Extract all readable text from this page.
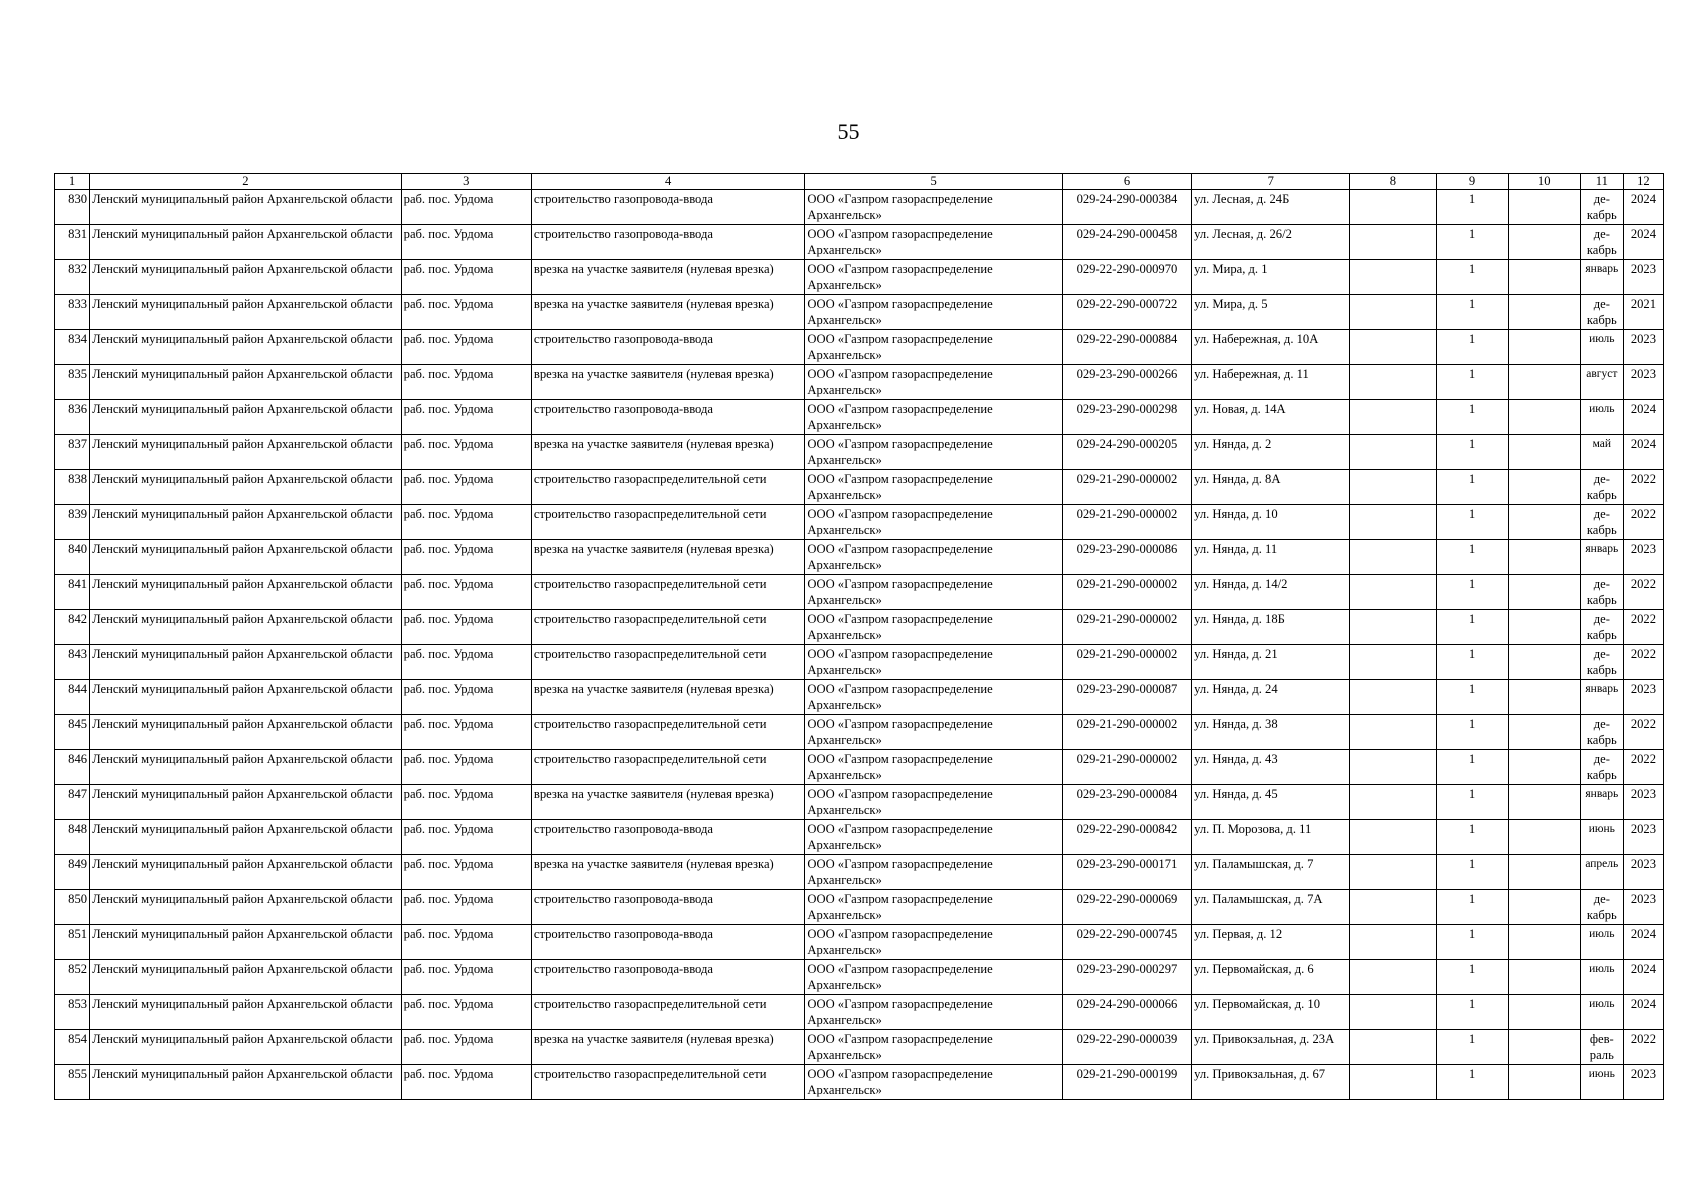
55
1	2	3	4	5	6	7	8	9	10	11	12
830	Ленский муниципальный район Архангельской области	раб. пос. Урдома	строительство газопровода-ввода	ООО «Газпром газораспределение Архангельск»	029-24-290-000384	ул. Лесная, д. 24Б		1		де-кабрь	2024
831	Ленский муниципальный район Архангельской области	раб. пос. Урдома	строительство газопровода-ввода	ООО «Газпром газораспределение Архангельск»	029-24-290-000458	ул. Лесная, д. 26/2		1		де-кабрь	2024
832	Ленский муниципальный район Архангельской области	раб. пос. Урдома	врезка на участке заявителя (нулевая врезка)	ООО «Газпром газораспределение Архангельск»	029-22-290-000970	ул. Мира, д. 1		1		январь	2023
833	Ленский муниципальный район Архангельской области	раб. пос. Урдома	врезка на участке заявителя (нулевая врезка)	ООО «Газпром газораспределение Архангельск»	029-22-290-000722	ул. Мира, д. 5		1		де-кабрь	2021
834	Ленский муниципальный район Архангельской области	раб. пос. Урдома	строительство газопровода-ввода	ООО «Газпром газораспределение Архангельск»	029-22-290-000884	ул. Набережная, д. 10А		1		июль	2023
835	Ленский муниципальный район Архангельской области	раб. пос. Урдома	врезка на участке заявителя (нулевая врезка)	ООО «Газпром газораспределение Архангельск»	029-23-290-000266	ул. Набережная, д. 11		1		август	2023
836	Ленский муниципальный район Архангельской области	раб. пос. Урдома	строительство газопровода-ввода	ООО «Газпром газораспределение Архангельск»	029-23-290-000298	ул. Новая, д. 14А		1		июль	2024
837	Ленский муниципальный район Архангельской области	раб. пос. Урдома	врезка на участке заявителя (нулевая врезка)	ООО «Газпром газораспределение Архангельск»	029-24-290-000205	ул. Нянда, д. 2		1		май	2024
838	Ленский муниципальный район Архангельской области	раб. пос. Урдома	строительство газораспределительной сети	ООО «Газпром газораспределение Архангельск»	029-21-290-000002	ул. Нянда, д. 8А		1		де-кабрь	2022
839	Ленский муниципальный район Архангельской области	раб. пос. Урдома	строительство газораспределительной сети	ООО «Газпром газораспределение Архангельск»	029-21-290-000002	ул. Нянда, д. 10		1		де-кабрь	2022
840	Ленский муниципальный район Архангельской области	раб. пос. Урдома	врезка на участке заявителя (нулевая врезка)	ООО «Газпром газораспределение Архангельск»	029-23-290-000086	ул. Нянда, д. 11		1		январь	2023
841	Ленский муниципальный район Архангельской области	раб. пос. Урдома	строительство газораспределительной сети	ООО «Газпром газораспределение Архангельск»	029-21-290-000002	ул. Нянда, д. 14/2		1		де-кабрь	2022
842	Ленский муниципальный район Архангельской области	раб. пос. Урдома	строительство газораспределительной сети	ООО «Газпром газораспределение Архангельск»	029-21-290-000002	ул. Нянда, д. 18Б		1		де-кабрь	2022
843	Ленский муниципальный район Архангельской области	раб. пос. Урдома	строительство газораспределительной сети	ООО «Газпром газораспределение Архангельск»	029-21-290-000002	ул. Нянда, д. 21		1		де-кабрь	2022
844	Ленский муниципальный район Архангельской области	раб. пос. Урдома	врезка на участке заявителя (нулевая врезка)	ООО «Газпром газораспределение Архангельск»	029-23-290-000087	ул. Нянда, д. 24		1		январь	2023
845	Ленский муниципальный район Архангельской области	раб. пос. Урдома	строительство газораспределительной сети	ООО «Газпром газораспределение Архангельск»	029-21-290-000002	ул. Нянда, д. 38		1		де-кабрь	2022
846	Ленский муниципальный район Архангельской области	раб. пос. Урдома	строительство газораспределительной сети	ООО «Газпром газораспределение Архангельск»	029-21-290-000002	ул. Нянда, д. 43		1		де-кабрь	2022
847	Ленский муниципальный район Архангельской области	раб. пос. Урдома	врезка на участке заявителя (нулевая врезка)	ООО «Газпром газораспределение Архангельск»	029-23-290-000084	ул. Нянда, д. 45		1		январь	2023
848	Ленский муниципальный район Архангельской области	раб. пос. Урдома	строительство газопровода-ввода	ООО «Газпром газораспределение Архангельск»	029-22-290-000842	ул. П. Морозова, д. 11		1		июнь	2023
849	Ленский муниципальный район Архангельской области	раб. пос. Урдома	врезка на участке заявителя (нулевая врезка)	ООО «Газпром газораспределение Архангельск»	029-23-290-000171	ул. Паламышская, д. 7		1		апрель	2023
850	Ленский муниципальный район Архангельской области	раб. пос. Урдома	строительство газопровода-ввода	ООО «Газпром газораспределение Архангельск»	029-22-290-000069	ул. Паламышская, д. 7А		1		де-кабрь	2023
851	Ленский муниципальный район Архангельской области	раб. пос. Урдома	строительство газопровода-ввода	ООО «Газпром газораспределение Архангельск»	029-22-290-000745	ул. Первая, д. 12		1		июль	2024
852	Ленский муниципальный район Архангельской области	раб. пос. Урдома	строительство газопровода-ввода	ООО «Газпром газораспределение Архангельск»	029-23-290-000297	ул. Первомайская, д. 6		1		июль	2024
853	Ленский муниципальный район Архангельской области	раб. пос. Урдома	строительство газораспределительной сети	ООО «Газпром газораспределение Архангельск»	029-24-290-000066	ул. Первомайская, д. 10		1		июль	2024
854	Ленский муниципальный район Архангельской области	раб. пос. Урдома	врезка на участке заявителя (нулевая врезка)	ООО «Газпром газораспределение Архангельск»	029-22-290-000039	ул. Привокзальная, д. 23А		1		фев-раль	2022
855	Ленский муниципальный район Архангельской области	раб. пос. Урдома	строительство газораспределительной сети	ООО «Газпром газораспределение Архангельск»	029-21-290-000199	ул. Привокзальная, д. 67		1		июнь	2023
